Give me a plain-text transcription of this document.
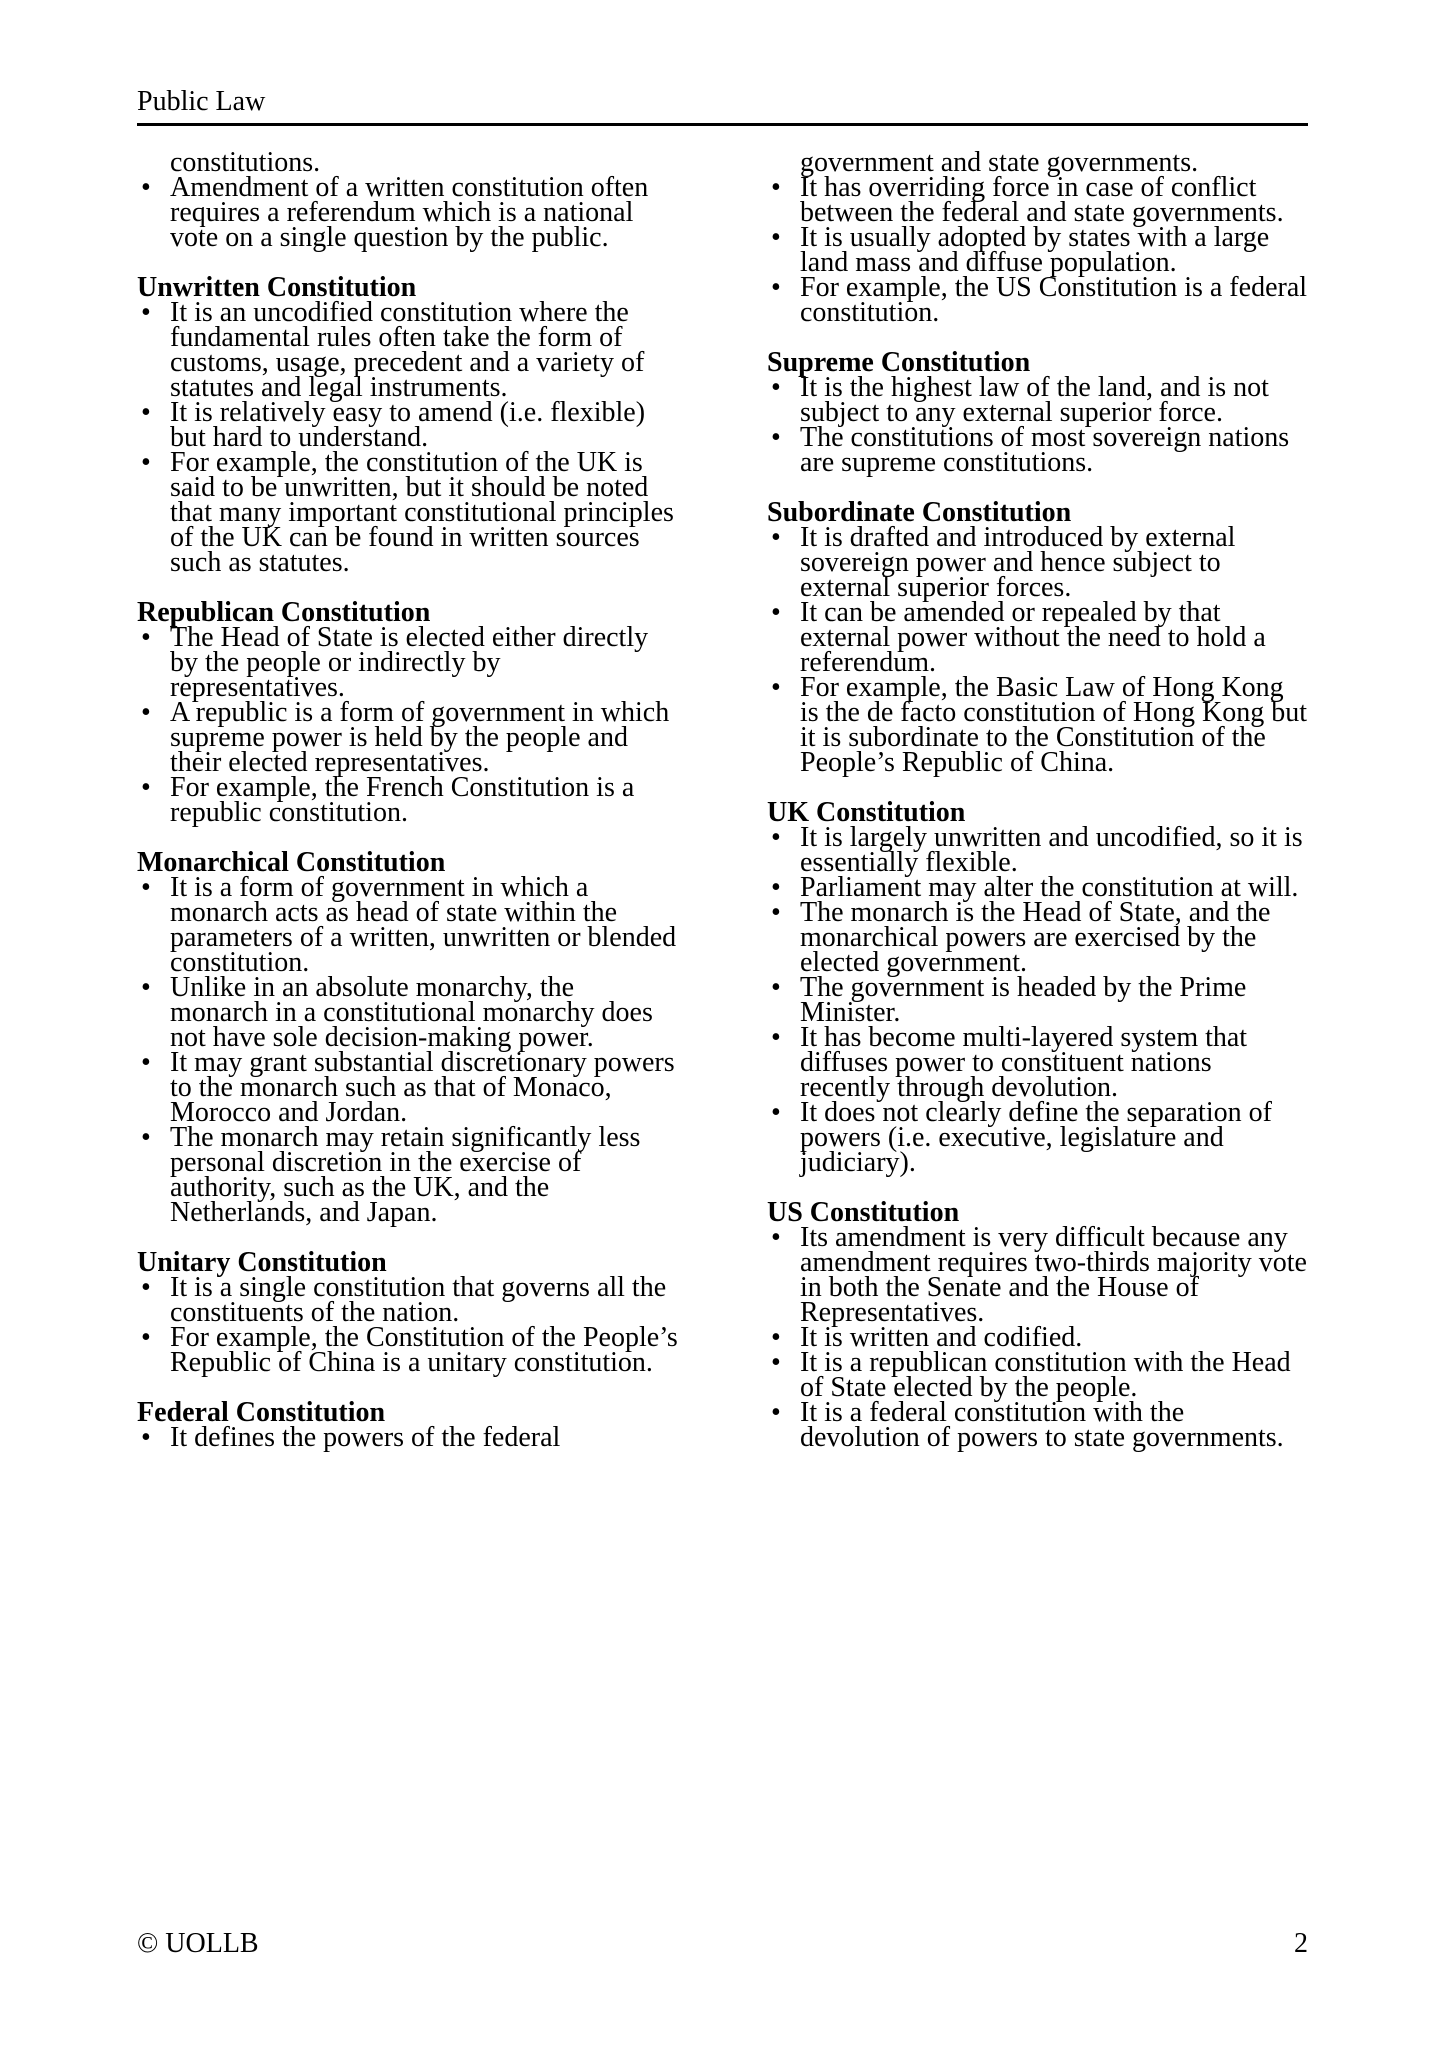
Public Law
constitutions.
• Amendment of a written constitution often requires a referendum which is a national vote on a single question by the public.
Unwritten Constitution
• It is an uncodified constitution where the fundamental rules often take the form of customs, usage, precedent and a variety of statutes and legal instruments.
• It is relatively easy to amend (i.e. flexible) but hard to understand.
• For example, the constitution of the UK is said to be unwritten, but it should be noted that many important constitutional principles of the UK can be found in written sources such as statutes.
Republican Constitution
• The Head of State is elected either directly by the people or indirectly by representatives.
• A republic is a form of government in which supreme power is held by the people and their elected representatives.
• For example, the French Constitution is a republic constitution.
Monarchical Constitution
• It is a form of government in which a monarch acts as head of state within the parameters of a written, unwritten or blended constitution.
• Unlike in an absolute monarchy, the monarch in a constitutional monarchy does not have sole decision-making power.
• It may grant substantial discretionary powers to the monarch such as that of Monaco, Morocco and Jordan.
• The monarch may retain significantly less personal discretion in the exercise of authority, such as the UK, and the Netherlands, and Japan.
Unitary Constitution
• It is a single constitution that governs all the constituents of the nation.
• For example, the Constitution of the People’s Republic of China is a unitary constitution.
Federal Constitution
• It defines the powers of the federal
government and state governments.
• It has overriding force in case of conflict between the federal and state governments.
• It is usually adopted by states with a large land mass and diffuse population.
• For example, the US Constitution is a federal constitution.
Supreme Constitution
• It is the highest law of the land, and is not subject to any external superior force.
• The constitutions of most sovereign nations are supreme constitutions.
Subordinate Constitution
• It is drafted and introduced by external sovereign power and hence subject to external superior forces.
• It can be amended or repealed by that external power without the need to hold a referendum.
• For example, the Basic Law of Hong Kong is the de facto constitution of Hong Kong but it is subordinate to the Constitution of the People’s Republic of China.
UK Constitution
• It is largely unwritten and uncodified, so it is essentially flexible.
• Parliament may alter the constitution at will.
• The monarch is the Head of State, and the monarchical powers are exercised by the elected government.
• The government is headed by the Prime Minister.
• It has become multi-layered system that diffuses power to constituent nations recently through devolution.
• It does not clearly define the separation of powers (i.e. executive, legislature and judiciary).
US Constitution
• Its amendment is very difficult because any amendment requires two-thirds majority vote in both the Senate and the House of Representatives.
• It is written and codified.
• It is a republican constitution with the Head of State elected by the people.
• It is a federal constitution with the devolution of powers to state governments.
© UOLLB	2
